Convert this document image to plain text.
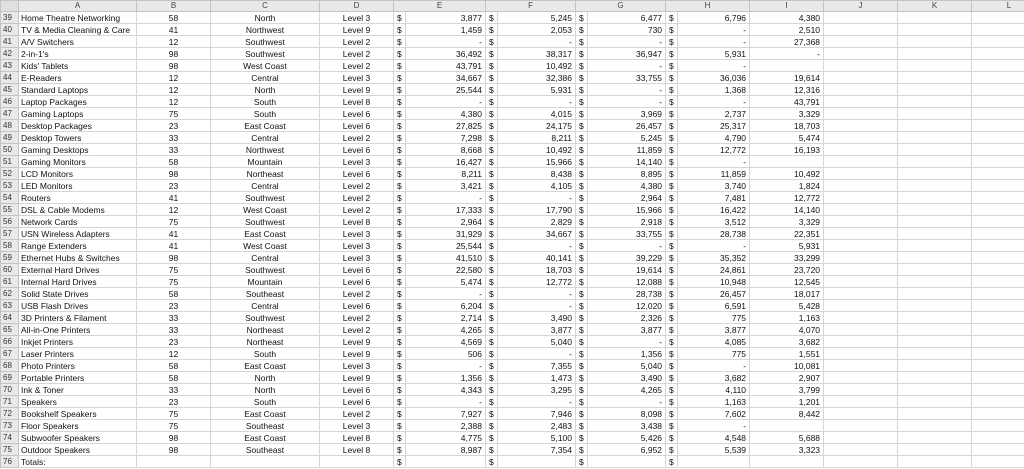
	A	B	C	D	E		F		G		H		I	J	K	L	
39	Home Theatre Networking	58	North	Level 3	$	3,877	$	5,245	$	6,477	$	6,796	4,380				
40	TV & Media Cleaning & Care	41	Northwest	Level 9	$	1,459	$	2,053	$	730	$	-	2,510				
41	A/V Switchers	12	Southwest	Level 2	$	-	$	-	$	-	$	-	27,368				
42	2-in-1's	98	Southwest	Level 2	$	36,492	$	38,317	$	36,947	$	5,931	-				
43	Kids' Tablets	98	West Coast	Level 2	$	43,791	$	10,492	$	-	$	-					
44	E-Readers	12	Central	Level 3	$	34,667	$	32,386	$	33,755	$	36,036	19,614				
45	Standard Laptops	12	North	Level 9	$	25,544	$	5,931	$	-	$	1,368	12,316				
46	Laptop Packages	12	South	Level 8	$	-	$	-	$	-	$	-	43,791				
47	Gaming Laptops	75	South	Level 6	$	4,380	$	4,015	$	3,969	$	2,737	3,329				
48	Desktop Packages	23	East Coast	Level 6	$	27,825	$	24,175	$	26,457	$	25,317	18,703				
49	Desktop Towers	33	Central	Level 2	$	7,298	$	8,211	$	5,245	$	4,790	5,474				
50	Gaming Desktops	33	Northwest	Level 6	$	8,668	$	10,492	$	11,859	$	12,772	16,193				
51	Gaming Monitors	58	Mountain	Level 3	$	16,427	$	15,966	$	14,140	$	-					
52	LCD Monitors	98	Northeast	Level 6	$	8,211	$	8,438	$	8,895	$	11,859	10,492				
53	LED Monitors	23	Central	Level 2	$	3,421	$	4,105	$	4,380	$	3,740	1,824				
54	Routers	41	Southwest	Level 2	$	-	$	-	$	2,964	$	7,481	12,772				
55	DSL & Cable Modems	12	West Coast	Level 2	$	17,333	$	17,790	$	15,966	$	16,422	14,140				
56	Network Cards	75	Southwest	Level 8	$	2,964	$	2,829	$	2,918	$	3,512	3,329				
57	USN Wireless Adapters	41	East Coast	Level 3	$	31,929	$	34,667	$	33,755	$	28,738	22,351				
58	Range Extenders	41	West Coast	Level 3	$	25,544	$	-	$	-	$	-	5,931				
59	Ethernet Hubs & Switches	98	Central	Level 3	$	41,510	$	40,141	$	39,229	$	35,352	33,299				
60	External Hard Drives	75	Southwest	Level 6	$	22,580	$	18,703	$	19,614	$	24,861	23,720				
61	Internal Hard Drives	75	Mountain	Level 6	$	5,474	$	12,772	$	12,088	$	10,948	12,545				
62	Solid State Drives	58	Southeast	Level 2	$	-	$	-	$	28,738	$	26,457	18,017				
63	USB Flash Drives	23	Central	Level 6	$	6,204	$	-	$	12,020	$	6,591	5,428				
64	3D Printers & Filament	33	Southwest	Level 2	$	2,714	$	3,490	$	2,326	$	775	1,163				
65	All-in-One Printers	33	Northeast	Level 2	$	4,265	$	3,877	$	3,877	$	3,877	4,070				
66	Inkjet Printers	23	Northeast	Level 9	$	4,569	$	5,040	$	-	$	4,085	3,682				
67	Laser Printers	12	South	Level 9	$	506	$	-	$	1,356	$	775	1,551				
68	Photo Printers	58	East Coast	Level 3	$	-	$	7,355	$	5,040	$	-	10,081				
69	Portable Printers	58	North	Level 9	$	1,356	$	1,473	$	3,490	$	3,682	2,907				
70	Ink & Toner	33	North	Level 6	$	4,343	$	3,295	$	4,265	$	4,110	3,799				
71	Speakers	23	South	Level 6	$	-	$	-	$	-	$	1,163	1,201				
72	Bookshelf Speakers	75	East Coast	Level 2	$	7,927	$	7,946	$	8,098	$	7,602	8,442				
73	Floor Speakers	75	Southeast	Level 3	$	2,388	$	2,483	$	3,438	$	-					
74	Subwoofer Speakers	98	East Coast	Level 8	$	4,775	$	5,100	$	5,426	$	4,548	5,688				
75	Outdoor Speakers	98	Southeast	Level 8	$	8,987	$	7,354	$	6,952	$	5,539	3,323				
76	Totals:				$		$		$		$						
